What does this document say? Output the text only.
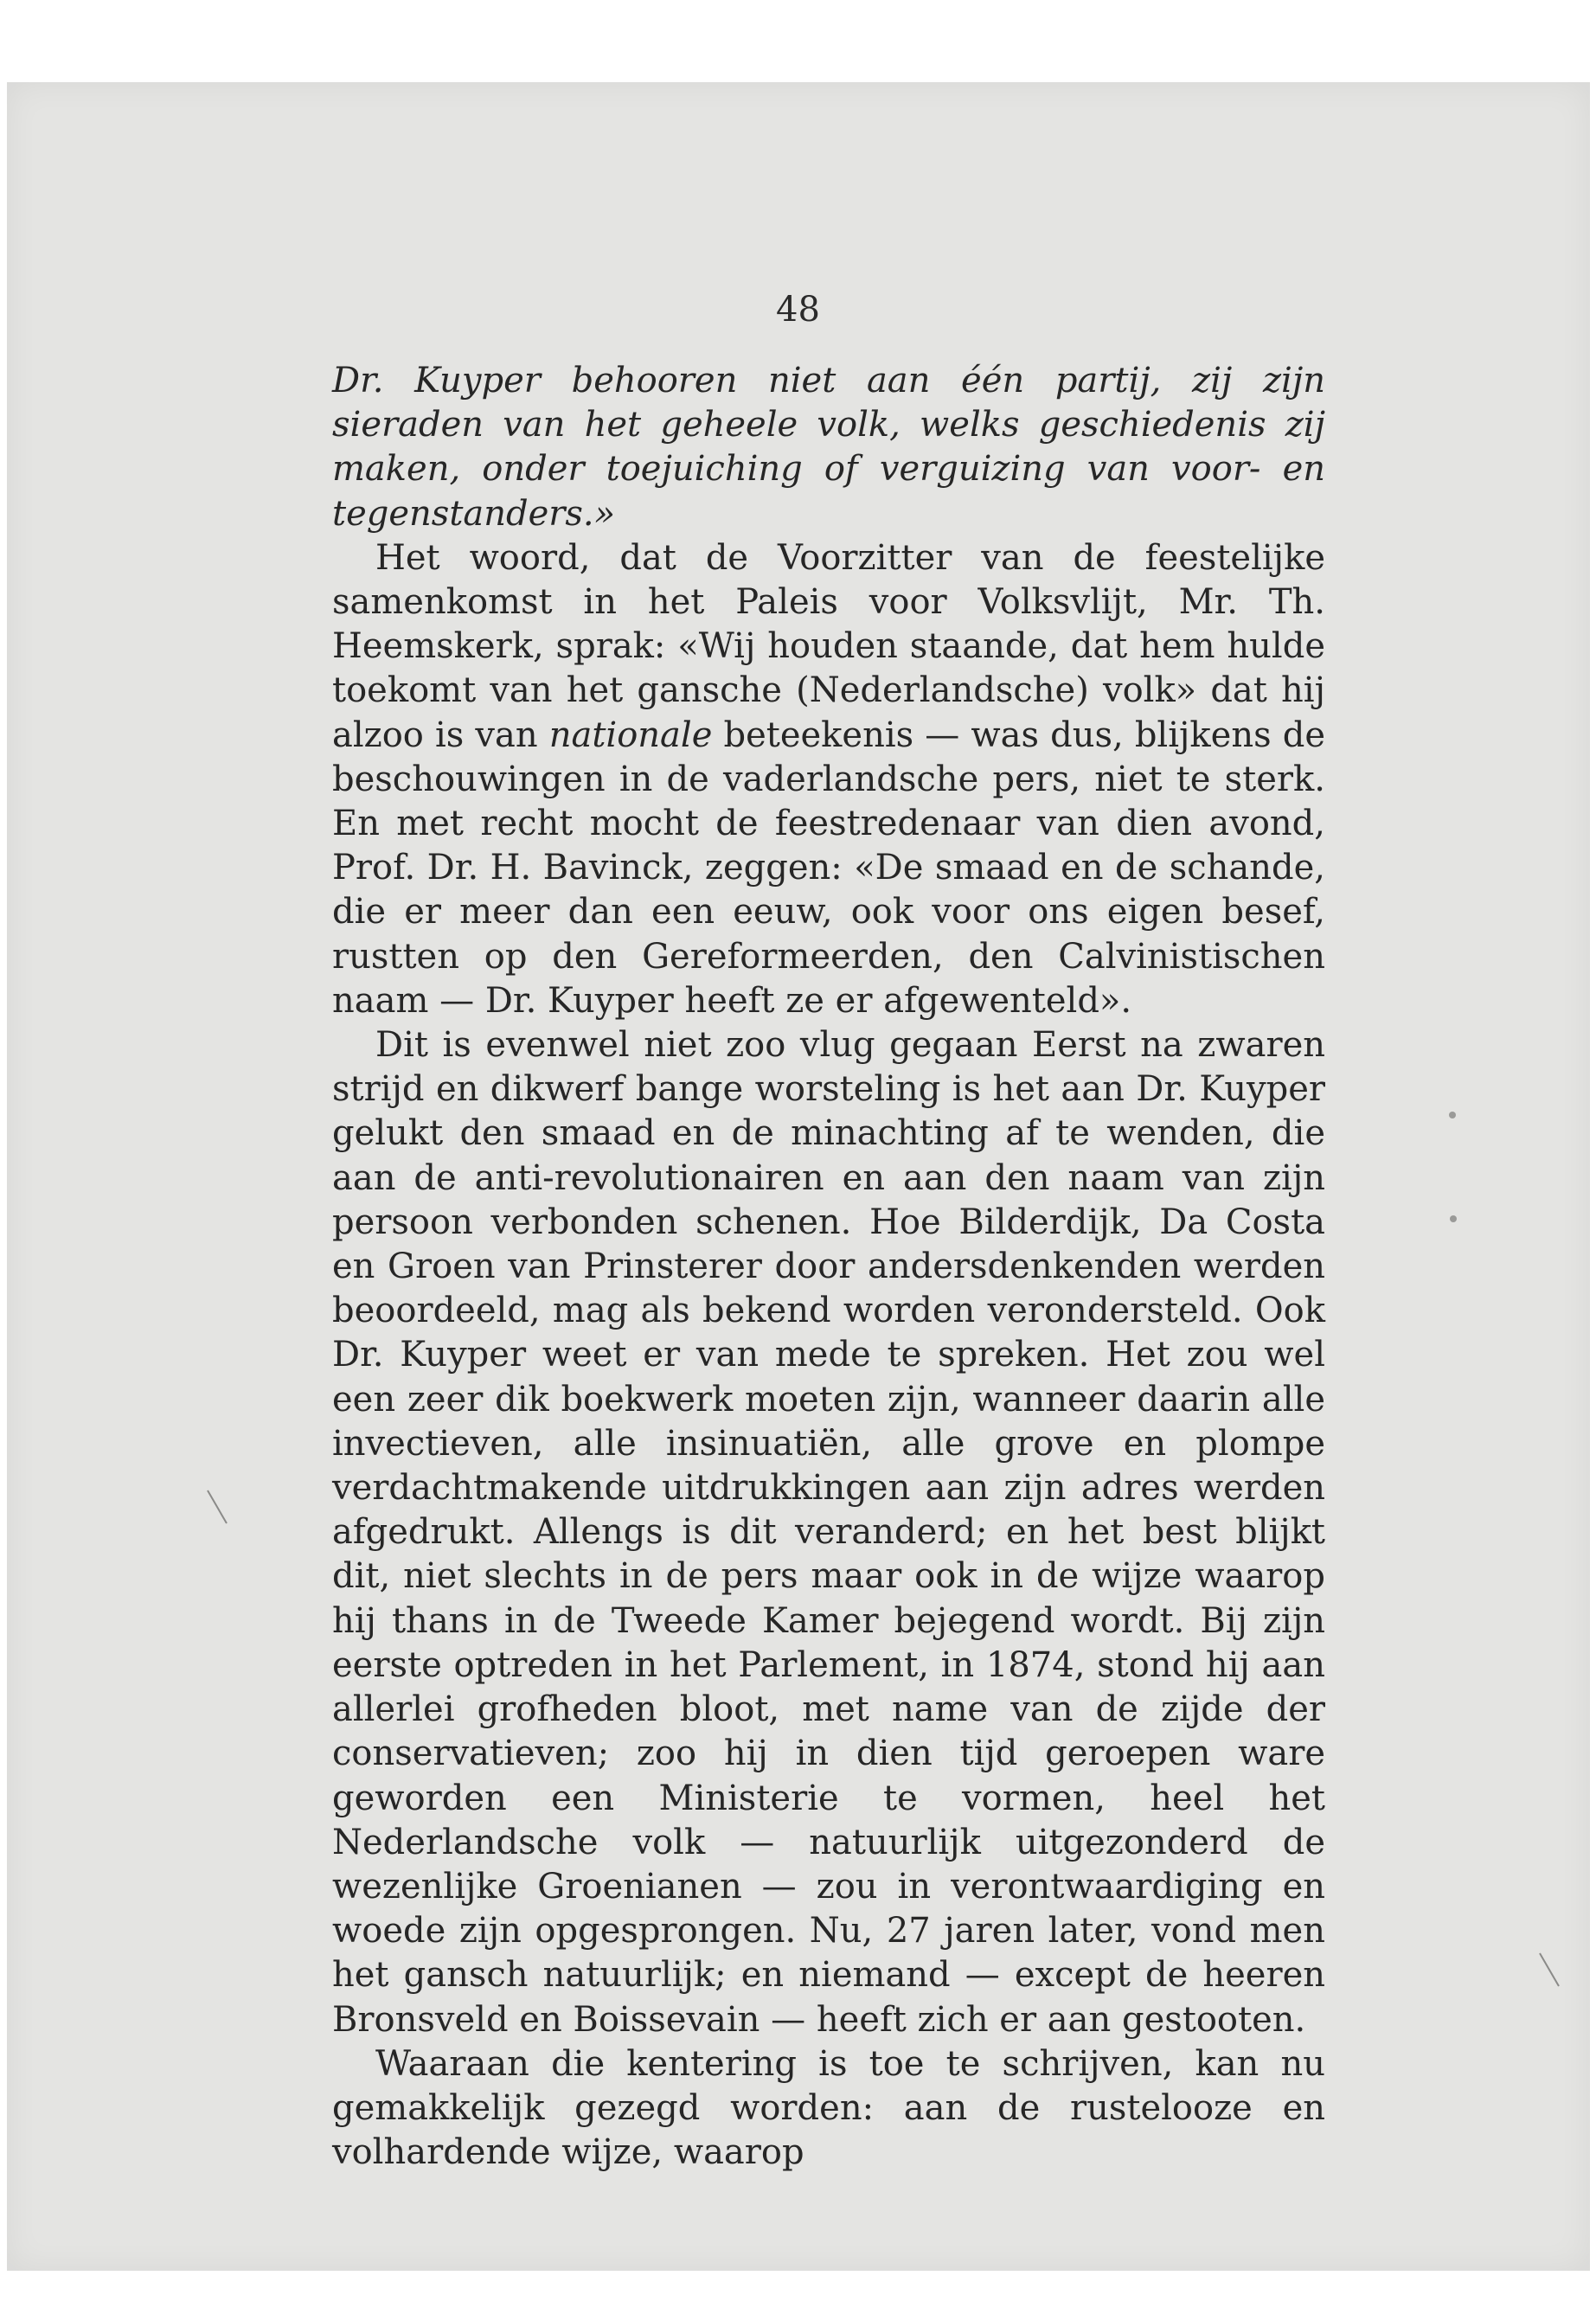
48

Dr. Kuyper behooren niet aan één partij, zij zijn sieraden van het geheele volk, welks geschiedenis zij maken, onder toejuiching of verguizing van voor- en tegenstanders.»

Het woord, dat de Voorzitter van de feestelijke samenkomst in het Paleis voor Volksvlijt, Mr. Th. Heemskerk, sprak: «Wij houden staande, dat hem hulde toekomt van het gansche (Nederlandsche) volk» dat hij alzoo is van nationale beteekenis — was dus, blijkens de beschouwingen in de vaderlandsche pers, niet te sterk. En met recht mocht de feestredenaar van dien avond, Prof. Dr. H. Bavinck, zeggen: «De smaad en de schande, die er meer dan een eeuw, ook voor ons eigen besef, rustten op den Gereformeerden, den Calvinistischen naam — Dr. Kuyper heeft ze er afgewenteld».

Dit is evenwel niet zoo vlug gegaan Eerst na zwaren strijd en dikwerf bange worsteling is het aan Dr. Kuyper gelukt den smaad en de minachting af te wenden, die aan de anti-revolutionairen en aan den naam van zijn persoon verbonden schenen. Hoe Bilderdijk, Da Costa en Groen van Prinsterer door andersdenkenden werden beoordeeld, mag als bekend worden verondersteld. Ook Dr. Kuyper weet er van mede te spreken. Het zou wel een zeer dik boekwerk moeten zijn, wanneer daarin alle invectieven, alle insinuatiën, alle grove en plompe verdachtmakende uitdrukkingen aan zijn adres werden afgedrukt. Allengs is dit veranderd; en het best blijkt dit, niet slechts in de pers maar ook in de wijze waarop hij thans in de Tweede Kamer bejegend wordt. Bij zijn eerste optreden in het Parlement, in 1874, stond hij aan allerlei grofheden bloot, met name van de zijde der conservatieven; zoo hij in dien tijd geroepen ware geworden een Ministerie te vormen, heel het Nederlandsche volk — natuurlijk uitgezonderd de wezenlijke Groenianen — zou in verontwaardiging en woede zijn opgesprongen. Nu, 27 jaren later, vond men het gansch natuurlijk; en niemand — except de heeren Bronsveld en Boissevain — heeft zich er aan gestooten.

Waaraan die kentering is toe te schrijven, kan nu gemakkelijk gezegd worden: aan de rustelooze en volhardende wijze, waarop
